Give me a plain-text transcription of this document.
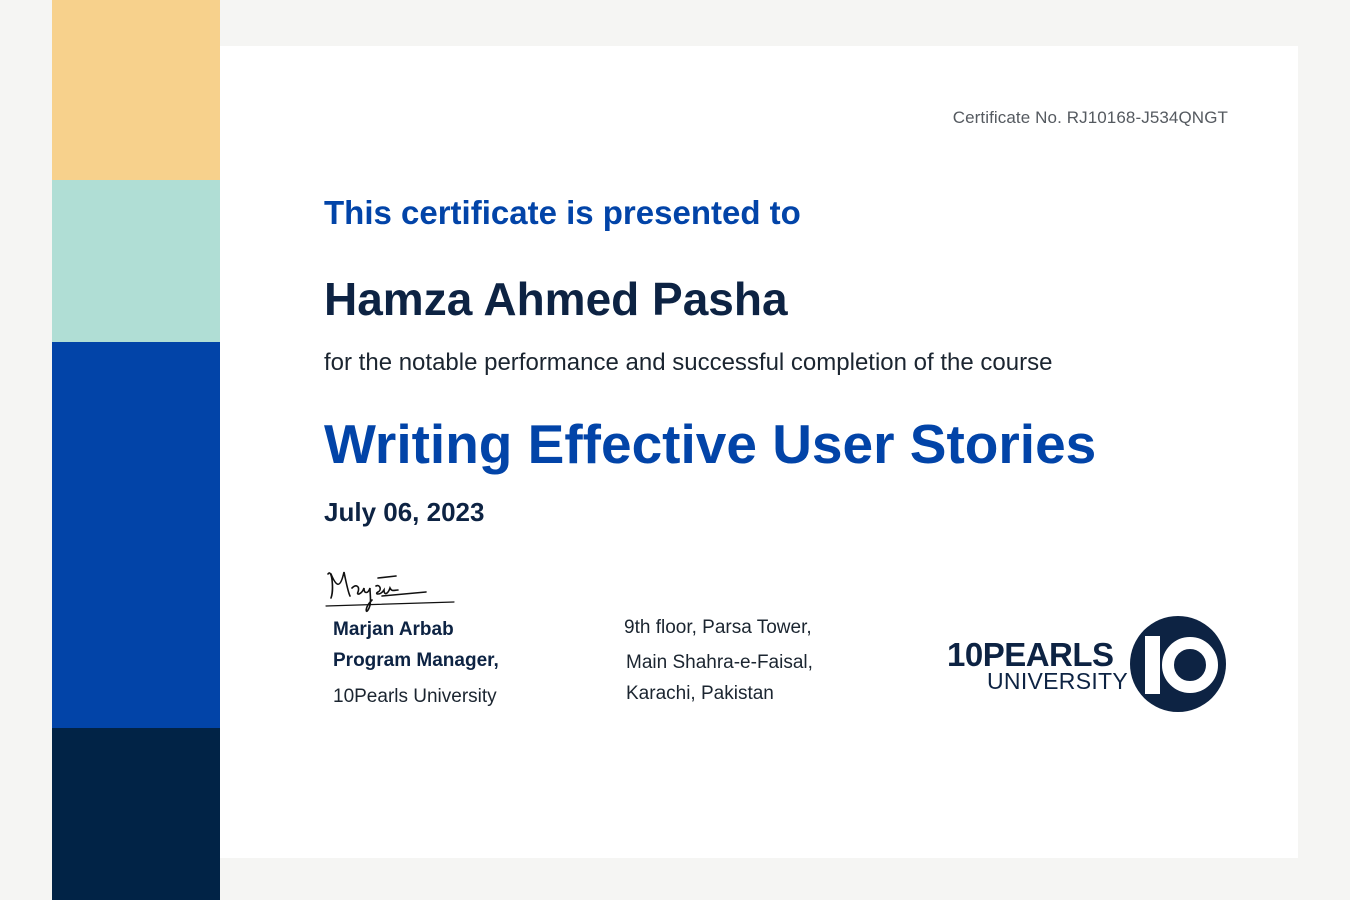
Certificate No. RJ10168-J534QNGT
This certificate is presented to
Hamza Ahmed Pasha
for the notable performance and successful completion of the course
Writing Effective User Stories
July 06, 2023
Marjan Arbab
Program Manager,
10Pearls University
9th floor, Parsa Tower,
Main Shahra-e-Faisal,
Karachi, Pakistan
10PEARLS
UNIVERSITY
